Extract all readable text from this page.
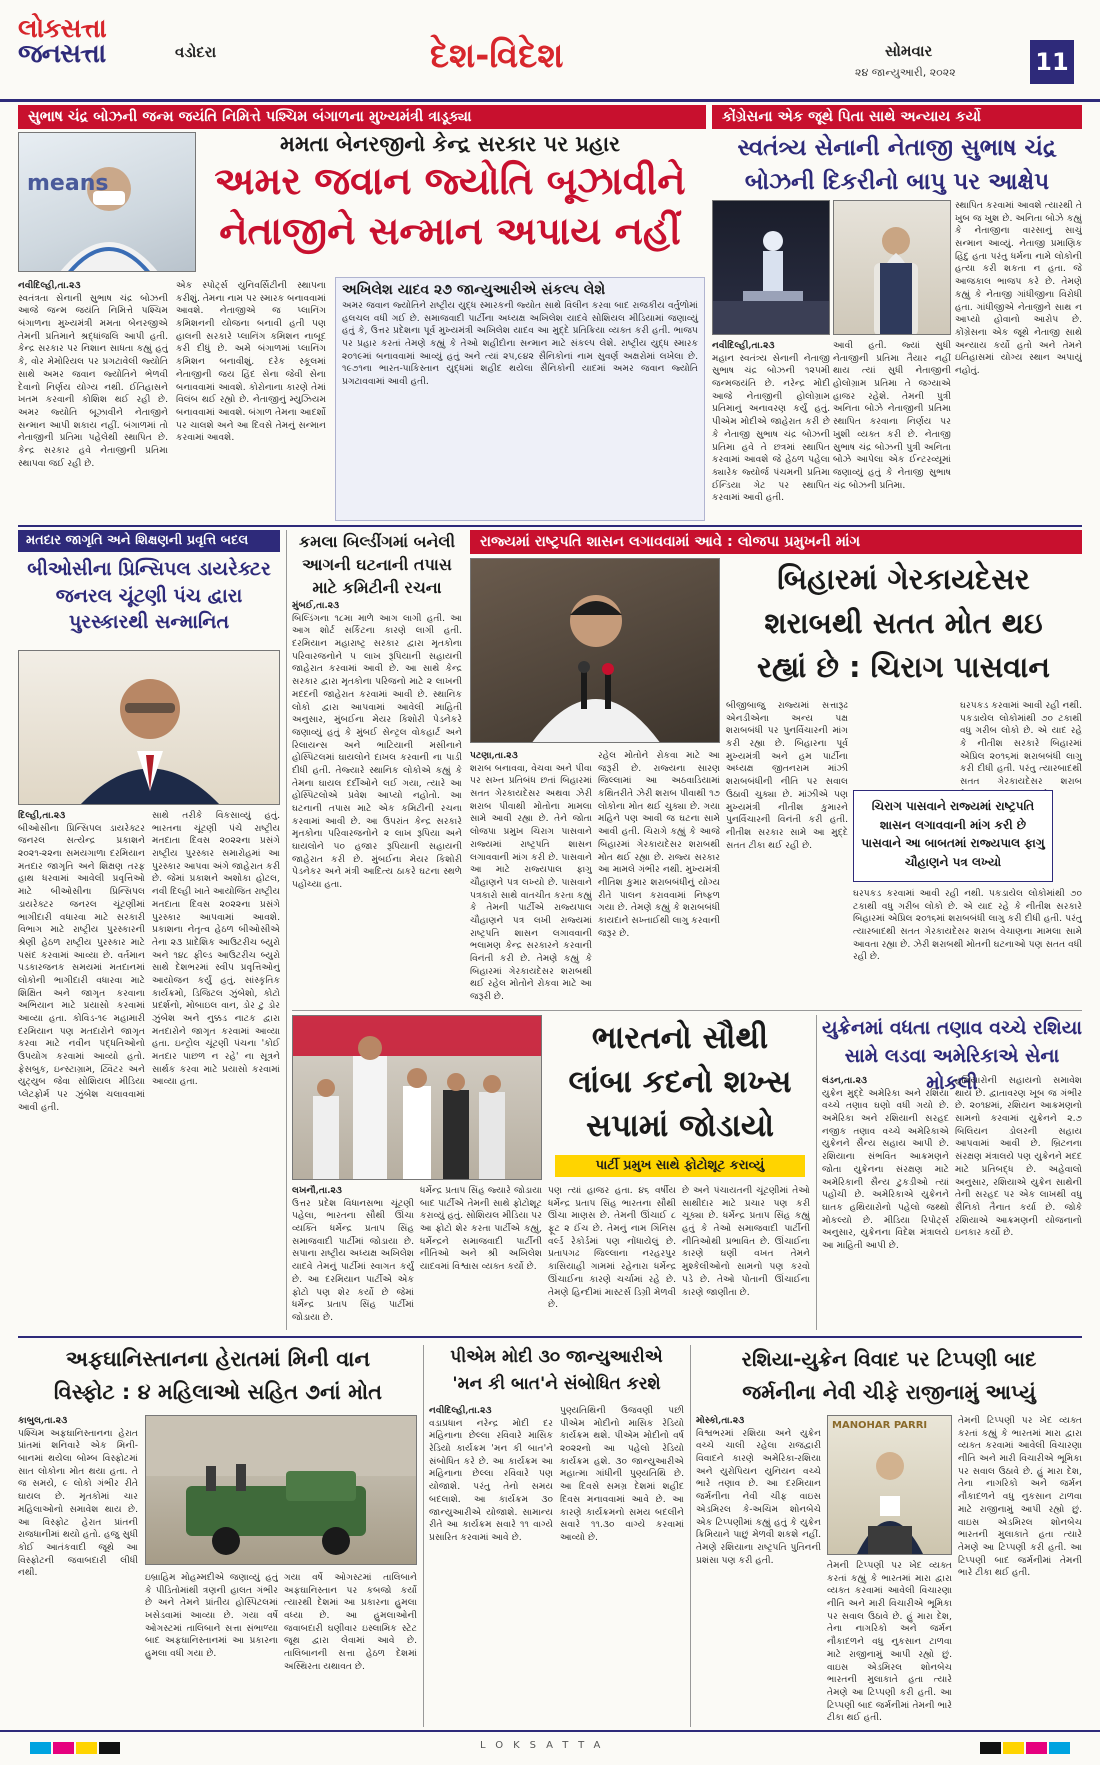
લોકસત્તા
જનસત્તા	વડોદરા	દેશ-વિદેશ	સોમવાર
૨૪ જાન્યુઆરી, ૨૦૨૨	11
સુભાષ ચંદ્ર બોઝની જન્મ જયંતિ નિમિત્તે પશ્ચિમ બંગાળના મુખ્યમંત્રી ત્રાડૂક્યા
means
મમતા બેનરજીનો કેન્દ્ર સરકાર પર પ્રહાર
અમર જવાન જ્યોતિ બૂઝાવીને
નેતાજીને સન્માન અપાય નહીં
નવીદિલ્હી,તા.૨૩

સ્વતંત્રતા સેનાની સુભાષ ચંદ્ર બોઝની આજે જન્મ જયંતિ નિમિત્તે પશ્ચિમ બંગાળના મુખ્યમંત્રી મમતા બેનરજીએ તેમની પ્રતિમાને શ્રદ્ધાંજલિ આપી હતી. કેન્દ્ર સરકાર પર નિશાન સાધતા કહ્યું હતું કે, વોર મેમોરિયલ પર પ્રગટાવેલી જ્યોતિ સાથે અમર જવાન જ્યોતિને ભેળવી દેવાનો નિર્ણય યોગ્ય નથી. ઈતિહાસને ખતમ કરવાની કોશિશ થઈ રહી છે. અમર જ્યોતિ બૂઝાવીને નેતાજીને સન્માન આપી શકાય નહીં. બંગાળમાં તો નેતાજીની પ્રતિમા પહેલેથી સ્થાપિત છે. કેન્દ્ર સરકાર હવે નેતાજીની પ્રતિમા સ્થાપવા જઈ રહી છે.

એક સ્પોર્ટ્સ યુનિવર્સિટીની સ્થાપના કરીશું. તેમના નામ પર સ્મારક બનાવવામાં આવશે. નેતાજીએ જ પ્લાનિંગ કમિશનની યોજના બનાવી હતી પણ હાલની સરકારે પ્લાનિંગ કમિશન નાબૂદ કરી દીધું છે. અમે બંગાળમાં પ્લાનિંગ કમિશન બનાવીશું. દરેક સ્કૂલમાં નેતાજીની જય હિંદ સેના જેવી સેના બનાવવામાં આવશે. કોરોનાના કારણે તેમાં વિલંબ થઈ રહ્યો છે. નેતાજીનું મ્યુઝિયમ બનાવવામાં આવશે. બંગાળ તેમના આદર્શો પર ચાલશે અને આ દિવસે તેમનું સન્માન કરવામાં આવશે.

અખિલેશ યાદવ ૨૭ જાન્યુઆરીએ સંકલ્પ લેશે
અમર જવાન જ્યોતિને રાષ્ટ્રીય યુદ્ધ સ્મારકની જ્યોત સાથે વિલીન કરવા બાદ રાજકીય વર્તુળોમાં હલચલ વધી ગઈ છે. સમાજવાદી પાર્ટીના અધ્યક્ષ અખિલેશ યાદવે સોશિયલ મીડિયામાં જણાવ્યું હતું કે, ઉત્તર પ્રદેશના પૂર્વ મુખ્યમંત્રી અખિલેશ યાદવ આ મુદ્દે પ્રતિક્રિયા વ્યક્ત કરી હતી. ભાજપ પર પ્રહાર કરતાં તેમણે કહ્યું કે તેઓ શહીદોના સન્માન માટે સંકલ્પ લેશે. રાષ્ટ્રીય યુદ્ધ સ્મારક ૨૦૧૯માં બનાવવામાં આવ્યું હતું અને ત્યાં ૨૫,૯૪૨ સૈનિકોનાં નામ સુવર્ણ અક્ષરોમાં લખેલા છે. ૧૯૭૧ના ભારત-પાકિસ્તાન યુદ્ધમાં શહીદ થયેલા સૈનિકોની યાદમાં અમર જવાન જ્યોતિ પ્રગટાવવામાં આવી હતી.
કોંગ્રેસના એક જૂથે પિતા સાથે અન્યાય કર્યો
સ્વતંત્ર્ય સેનાની નેતાજી સુભાષ ચંદ્ર
બોઝની દિકરીનો બાપુ પર આક્ષેપ

સ્થાપિત કરવામાં આવશે ત્યારથી તે ખુબ જ ખુશ છે. અનિતા બોઝે કહ્યું કે નેતાજીના વારસાનું સાચું સન્માન આવ્યું. નેતાજી પ્રમાણિક હિંદુ હતા પરંતુ ધર્મના નામે લોકોની હત્યા કરી શકતા ન હતા. જે આજકાલ ભાજપ કરે છે. તેમણે કહ્યું કે નેતાજી ગાંધીજીના વિરોધી હતા. ગાંધીજીએ નેતાજીને સાથ ન આપ્યો હોવાનો આરોપ છે. કોંગ્રેસના એક જૂથે નેતાજી સાથે અન્યાય કર્યો હતો અને તેમને ઇતિહાસમાં યોગ્ય સ્થાન અપાયું નહોતું.

નવીદિલ્હી,તા.૨૩

મહાન સ્વતંત્ર્ય સેનાની નેતાજી સુભાષ ચંદ્ર બોઝની ૧૨૫મી જન્મજયંતિ છે. નરેન્દ્ર મોદી આજે નેતાજીની હોલોગ્રામ પ્રતિમાનું અનાવરણ કર્યું હતું. પીએમ મોદીએ જાહેરાત કરી છે કે નેતાજી સુભાષ ચંદ્ર બોઝની પ્રતિમા હવે તે છત્રમાં સ્થાપિત કરવામાં આવશે જે હેઠળ પહેલા ક્યારેક જ્યોર્જ પંચમની પ્રતિમા ઈન્ડિયા ગેટ પર સ્થાપિત કરવામાં આવી હતી.

આવી હતી. જ્યાં સુધી નેતાજીની પ્રતિમા તૈયાર નહીં થાય ત્યાં સુધી નેતાજીની હોલોગ્રામ પ્રતિમા તે જગ્યાએ હાજર રહેશે. તેમની પુત્રી અનિતા બોઝે નેતાજીની પ્રતિમા સ્થાપિત કરવાના નિર્ણય પર ખુશી વ્યક્ત કરી છે. નેતાજી સુભાષ ચંદ્ર બોઝની પુત્રી અનિતા બોઝે આપેલા એક ઈન્ટરવ્યૂમાં જણાવ્યું હતું કે નેતાજી સુભાષ ચંદ્ર બોઝની પ્રતિમા.

મતદાર જાગૃતિ અને શિક્ષણની પ્રવૃત્તિ બદલ
બીઓસીના પ્રિન્સિપલ ડાયરેક્ટર જનરલ ચૂંટણી પંચ દ્વારા પુરસ્કારથી સન્માનિત
દિલ્હી,તા.૨૩

બીઓસીના પ્રિન્સિપલ ડાયરેક્ટર જનરલ સત્યેન્દ્ર પ્રકાશને ૨૦૨૧-૨૨ના સમયગાળા દરમિયાન મતદાર જાગૃતિ અને શિક્ષણ તરફ હાથ ધરવામાં આવેલી પ્રવૃત્તિઓ માટે બીઓસીના પ્રિન્સિપલ ડાયરેક્ટર જનરલ ચૂંટણીમાં ભાગીદારી વધારવા માટે સરકારી વિભાગ માટે રાષ્ટ્રીય પુરસ્કારની શ્રેણી હેઠળ રાષ્ટ્રીય પુરસ્કાર માટે પસંદ કરવામાં આવ્યા છે. વર્તમાન પડકારજનક સમયમાં મતદાનમાં લોકોની ભાગીદારી વધારવા માટે શિક્ષિત અને જાગૃત કરવાના અભિયાન માટે પ્રયાસો કરવામાં આવ્યા હતા. કોવિડ-૧૯ મહામારી દરમિયાન પણ મતદારોને જાગૃત કરવા માટે નવીન પદ્ધતિઓનો ઉપયોગ કરવામાં આવ્યો હતો. ફેસબુક, ઇન્સ્ટાગ્રામ, ટ્વિટર અને યુટ્યુબ જેવા સોશિયલ મીડિયા પ્લેટફોર્મ પર ઝુંબેશ ચલાવવામાં આવી હતી.

સાથે તરીકે વિકસાવ્યું હતું. ભારતના ચૂંટણી પંચે રાષ્ટ્રીય મતદાતા દિવસ ૨૦૨૨ના પ્રસંગે રાષ્ટ્રીય પુરસ્કાર સમારોહમાં આ પુરસ્કાર આપવા અંગે જાહેરાત કરી છે. જેમાં પ્રકાશને અશોકા હોટલ, નવી દિલ્હી ખાતે આયોજિત રાષ્ટ્રીય મતદાતા દિવસ ૨૦૨૨ના પ્રસંગે પુરસ્કાર આપવામાં આવશે. પ્રકાશના નેતૃત્વ હેઠળ બીઓસીએ તેના ૨૩ પ્રાદેશિક આઉટરીચ બ્યુરો અને ૧૪૮ ફીલ્ડ આઉટરીચ બ્યુરો સાથે દેશભરમાં સ્વીપ પ્રવૃત્તિઓનું આયોજન કર્યું હતું. સાંસ્કૃતિક કાર્યક્રમો, ડિજિટલ ઝુંબેશો, કોટો પ્રદર્શનો, મોબાઇલ વાન, ડોર ટુ ડોર ઝુંબેશ અને નુક્કડ નાટક દ્વારા મતદારોને જાગૃત કરવામાં આવ્યા હતા. ઇન્ટ્રોલ ચૂંટણી પંચના 'કોઈ મતદાર પાછળ ન રહે' ના સૂત્રને સાર્થક કરવા માટે પ્રયાસો કરવામાં આવ્યા હતા.

કમલા બિલ્ડીંગમાં બનેલી આગની ઘટનાની તપાસ માટે કમિટીની રચના
મુંબઈ,તા.૨૩

બિલ્ડિંગના ૧૮મા માળે આગ લાગી હતી. આ આગ શોર્ટ સર્કિટના કારણે લાગી હતી. દરમિયાન મહારાષ્ટ્ર સરકાર દ્વારા મૃતકોના પરિવારજનોને ૫ લાખ રૂપિયાની સહાયની જાહેરાત કરવામાં આવી છે. આ સાથે કેન્દ્ર સરકાર દ્વારા મૃતકોના પરિજનો માટે ૨ લાખની મદદની જાહેરાત કરવામાં આવી છે. સ્થાનિક લોકો દ્વારા આપવામાં આવેલી માહિતી અનુસાર, મુંબઈના મેયર કિશોરી પેડનેકરે જણાવ્યું હતું કે મુંબઈ સેન્ટ્રલ વોકહાર્ટ અને રિલાયન્સ અને ભાટિયાની મસીનાને હોસ્પિટલમાં ઘાયલોને દાખલ કરવાની ના પાડી દીધી હતી. તેજ્યારે સ્થાનિક લોકોએ કહ્યું કે તેમના ઘાયલ દર્દીઓને લઈ ગયા, ત્યારે આ હોસ્પિટલોએ પ્રવેશ આપ્યો નહોતો. આ ઘટનાની તપાસ માટે એક કમિટીની રચના કરવામાં આવી છે. આ ઉપરાંત કેન્દ્ર સરકારે મૃતકોના પરિવારજનોને ૨ લાખ રૂપિયા અને ઘાયલોને ૫૦ હજાર રૂપિયાની સહાયની જાહેરાત કરી છે. મુંબઈના મેયર કિશોરી પેડનેકર અને મંત્રી આદિત્ય ઠાકરે ઘટના સ્થળે પહોંચ્યા હતા.

રાજ્યમાં રાષ્ટ્રપતિ શાસન લગાવવામાં આવે : લોજપા પ્રમુખની માંગ
બિહારમાં ગેરકાયદેસર
શરાબથી સતત મોત થઇ
રહ્યાં છે : ચિરાગ પાસવાન
પટણા,તા.૨૩

શરાબ બનાવવા, વેચવા અને પીવા પર સખ્ત પ્રતિબંધ છતાં બિહારમાં સતત ગેરકાયદેસર અથવા ઝેરી શરાબ પીવાથી મોતોના મામલા સામે આવી રહ્યા છે. તેને જોતા લોજપા પ્રમુખ ચિરાગ પાસવાને રાજ્યમાં રાષ્ટ્રપતિ શાસન લગાવવાની માંગ કરી છે. પાસવાને આ માટે રાજ્યપાલ ફાગુ ચૌહાણને પત્ર લખ્યો છે. પાસવાને પત્રકારો સાથે વાતચીત કરતા કહ્યું કે તેમની પાર્ટીએ રાજ્યપાલ ચૌહાણને પત્ર લખી રાજ્યમાં રાષ્ટ્રપતિ શાસન લગાવવાની ભલામણ કેન્દ્ર સરકારને કરવાની વિનંતી કરી છે. તેમણે કહ્યું કે બિહારમાં ગેરકાયદેસર શરાબથી થઈ રહેલ મોતોને રોકવા માટે આ જરૂરી છે.

રહેલ મોતોને રોકવા માટે આ જરૂરી છે. રાજ્યના સારણ જિલ્લામાં આ અઠવાડિયામાં કથિતરીતે ઝેરી શરાબ પીવાથી ૧૭ લોકોના મોત થઈ ચુક્યા છે. ગયા મહિને પણ આવી જ ઘટના સામે આવી હતી. ચિરાગે કહ્યું કે આજે બિહારમાં ગેરકાયદેસર શરાબથી મોત થઈ રહ્યા છે. રાજ્ય સરકાર આ મામલે ગંભીર નથી. મુખ્યમંત્રી નીતિશ કુમાર શરાબબંધીનું યોગ્ય રીતે પાલન કરાવવામાં નિષ્ફળ ગયા છે. તેમણે કહ્યું કે શરાબબંધી કાયદાને સખ્તાઈથી લાગુ કરવાની જરૂર છે.

બીજીબાજુ રાજ્યમાં સત્તારૂઢ એનડીએના અન્ય પક્ષ શરાબબંધી પર પુનર્વિચારની માંગ કરી રહ્યા છે. બિહારના પૂર્વ મુખ્યમંત્રી અને હમ પાર્ટીના અધ્યક્ષ જીતનરામ માંઝી શરાબબંધીની નીતિ પર સવાલ ઉઠાવી ચુક્યા છે. માંઝીએ પણ મુખ્યમંત્રી નીતીશ કુમારને પુનર્વિચારની વિનંતી કરી હતી. નીતીશ સરકાર સામે આ મુદ્દે સતત ટીકા થઈ રહી છે.

ઘરપકડ કરવામાં આવી રહી નથી. પકડાયેલ લોકોમાંથી ૭૦ ટકાથી વધુ ગરીબ લોકો છે. એ યાદ રહે કે નીતીશ સરકારે બિહારમાં એપ્રિલ ૨૦૧૬માં શરાબબંધી લાગુ કરી દીધી હતી. પરંતુ ત્યારબાદથી સતત ગેરકાયદેસર શરાબ

ચિરાગ પાસવાને રાજ્યમાં રાષ્ટ્રપતિ શાસન લગાવવાની માંગ કરી છે પાસવાને આ બાબતમાં રાજ્યપાલ ફાગુ ચૌહાણને પત્ર લખ્યો

ઘરપકડ કરવામાં આવી રહી નથી. પકડાયેલ લોકોમાંથી ૭૦ ટકાથી વધુ ગરીબ લોકો છે. એ યાદ રહે કે નીતીશ સરકારે બિહારમાં એપ્રિલ ૨૦૧૬માં શરાબબંધી લાગુ કરી દીધી હતી. પરંતુ ત્યારબાદથી સતત ગેરકાયદેસર શરાબ વેચાણના મામલા સામે આવતા રહ્યા છે. ઝેરી શરાબથી મોતની ઘટનાઓ પણ સતત વધી રહી છે.

ભારતનો સૌથી
લાંબા કદનો શખ્સ
સપામાં જોડાયો
પાર્ટી પ્રમુખ સાથે ફોટોશૂટ કરાવ્યું
લખનૌ,તા.૨૩

ઉત્તર પ્રદેશ વિધાનસભા ચૂંટણી પહેલા, ભારતના સૌથી ઊંચા વ્યક્તિ ધર્મેન્દ્ર પ્રતાપ સિંહ સમાજવાદી પાર્ટીમાં જોડાયા છે. સપાના રાષ્ટ્રીય અધ્યક્ષ અખિલેશ યાદવે તેમનું પાર્ટીમાં સ્વાગત કર્યું છે. આ દરમિયાન પાર્ટીએ એક ફોટો પણ શેર કર્યો છે જેમાં ધર્મેન્દ્ર પ્રતાપ સિંહ પાર્ટીમાં જોડાયા છે.

ધર્મેન્દ્ર પ્રતાપ સિંહ જ્યારે જોડાયા બાદ પાર્ટીએ તેમની સાથે ફોટોશૂટ કરાવ્યું હતું. સોશિયલ મીડિયા પર આ ફોટો શેર કરતા પાર્ટીએ કહ્યું, ધર્મેન્દ્રને સમાજવાદી પાર્ટીની નીતિઓ અને શ્રી અખિલેશ યાદવમાં વિશ્વાસ વ્યક્ત કર્યો છે.

પણ ત્યાં હાજર હતા. ૪૬ વર્ષીય ધર્મેન્દ્ર પ્રતાપ સિંહ ભારતના સૌથી ઊંચા માણસ છે. તેમની ઊંચાઈ ૮ ફૂટ ૨ ઈંચ છે. તેમનું નામ ગિનિસ વર્લ્ડ રેકોર્ડમાં પણ નોંધાયેલું છે. પ્રતાપગઢ જિલ્લાના નરહરપુર કાસિયાહી ગામમાં રહેનારા ધર્મેન્દ્ર ઊંચાઈના કારણે ચર્ચામાં રહે છે. તેમણે હિન્દીમાં માસ્ટર્સ ડિગ્રી મેળવી છે.

છે અને પંચાયતની ચૂંટણીમાં તેઓ સાથીદાર માટે પ્રચાર પણ કરી ચૂક્યા છે. ધર્મેન્દ્ર પ્રતાપ સિંહ કહ્યું હતું કે તેઓ સમાજવાદી પાર્ટીની નીતિઓથી પ્રભાવિત છે. ઊંચાઈના કારણે ઘણી વખત તેમને મુશ્કેલીઓનો સામનો પણ કરવો પડે છે. તેઓ પોતાની ઊંચાઈના કારણે જાણીતા છે.

યુક્રેનમાં વધતા તણાવ વચ્ચે રશિયા
સામે લડવા અમેરિકાએ સેના મોકલી
લંડન,તા.૨૩

યુક્રેન મુદ્દે અમેરિકા અને રશિયા વચ્ચે તણાવ ઘણો વધી ગયો છે. અમેરિકા અને રશિયાની સરહદ નજીક તણાવ વચ્ચે અમેરિકાએ યુક્રેનને સૈન્ય સહાય આપી છે. રશિયાના સંભવિત આક્રમણને જોતા યુક્રેનના સંરક્ષણ માટે અમેરિકાની સૈન્ય ટુકડીઓ ત્યાં પહોંચી છે. અમેરિકાએ યુક્રેનને ઘાતક હથિયારોનો પહેલો જથ્થો મોકલ્યો છે. મીડિયા રિપોર્ટ્સ અનુસાર, યુક્રેનના વિદેશ મંત્રાલયે આ માહિતી આપી છે.

હથિયારોની સહાયનો સમાવેશ થાય છે. દ્વાતાવરણ ખૂબ જ ગંભીર છે. ૨૦૧૪માં, રશિયન આક્રમણનો સામનો કરવામાં યુક્રેનને ૨.૭ બિલિયન ડોલરની સહાય આપવામાં આવી છે. બ્રિટનના સંરક્ષણ મંત્રાલયે પણ યુક્રેનને મદદ માટે પ્રતિબદ્ધ છે. અહેવાલો અનુસાર, રશિયાએ યુક્રેન સાથેની તેની સરહદ પર એક લાખથી વધુ સૈનિકો તૈનાત કર્યા છે. જોકે રશિયાએ આક્રમણની યોજનાનો ઇનકાર કર્યો છે.

અફઘાનિસ્તાનના હેરાતમાં મિની વાન
વિસ્ફોટ : ૪ મહિલાઓ સહિત ૭નાં મોત
કાબુલ,તા.૨૩

પશ્ચિમ અફઘાનિસ્તાનના હેરાત પ્રાંતમાં શનિવારે એક મિની-બાનમાં થયેલા બોમ્બ વિસ્ફોટમાં સાત લોકોના મોત થયા હતા. તે જ સમયે, ૯ લોકો ગંભીર રીતે ઘાયલ છે. મૃતકોમાં ચાર મહિલાઓનો સમાવેશ થાય છે. આ વિસ્ફોટ હેરાત પ્રાંતની રાજધાનીમાં થયો હતો. હજુ સુધી કોઈ આતંકવાદી જૂથે આ વિસ્ફોટની જવાબદારી લીધી નથી.	ઇબ્રાહિમ મોહમ્મદીએ જણાવ્યું હતું કે પીડિતોમાંથી ત્રણની હાલત ગંભીર છે અને તેમને પ્રાંતીય હોસ્પિટલમાં ખસેડવામાં આવ્યા છે. ગયા વર્ષે ઓગસ્ટમાં તાલિબાને સત્તા સંભાળ્યા બાદ અફઘાનિસ્તાનમાં આ પ્રકારના હુમલા વધી ગયા છે.

ગયા વર્ષે ઓગસ્ટમાં તાલિબાને અફઘાનિસ્તાન પર કબજો કર્યો ત્યારથી દેશમાં આ પ્રકારના હુમલા વધ્યા છે. આ હુમલાઓની જવાબદારી ઘણીવાર ઇસ્લામિક સ્ટેટ જૂથ દ્વારા લેવામાં આવે છે. તાલિબાનની સત્તા હેઠળ દેશમાં અસ્થિરતા યથાવત છે.

પીએમ મોદી ૩૦ જાન્યુઆરીએ
'મન કી બાત'ને સંબોધિત કરશે
નવીદિલ્હી,તા.૨૩

વડાપ્રધાન નરેન્દ્ર મોદી દર મહિનાના છેલ્લા રવિવારે માસિક રેડિયો કાર્યક્રમ 'મન કી બાત'ને સંબોધિત કરે છે. આ કાર્યક્રમ આ મહિનાના છેલ્લા રવિવારે પણ યોજાશે. પરંતુ તેનો સમય બદલાશે. આ કાર્યક્રમ ૩૦ જાન્યુઆરીએ યોજાશે. સામાન્ય રીતે આ કાર્યક્રમ સવારે ૧૧ વાગ્યે પ્રસારિત કરવામાં આવે છે.

પુણ્યતિથિની ઉજવણી પછી પીએમ મોદીનો માસિક રેડિયો કાર્યક્રમ થશે. પીએમ મોદીનો વર્ષ ૨૦૨૨નો આ પહેલો રેડિયો કાર્યક્રમ હશે. ૩૦ જાન્યુઆરીએ મહાત્મા ગાંધીની પુણ્યતિથિ છે. આ દિવસે સમગ્ર દેશમાં શહીદ દિવસ મનાવવામાં આવે છે. આ કારણે કાર્યક્રમનો સમય બદલીને સવારે ૧૧.૩૦ વાગ્યે કરવામાં આવ્યો છે.

રશિયા-યુક્રેન વિવાદ પર ટિપ્પણી બાદ
જર્મનીના નેવી ચીફે રાજીનામું આપ્યું
મોસ્કો,તા.૨૩

વિશ્વભરમાં રશિયા અને યુક્રેન વચ્ચે ચાલી રહેલા રાજદ્વારી વિવાદને કારણે અમેરિકા-રશિયા અને યુરોપિયન યુનિયન વચ્ચે ભારે તણાવ છે. આ દરમિયાન જર્મનીના નેવી ચીફ વાઇસ એડમિરલ કે-અચિમ શોનબેચે એક ટિપ્પણીમાં કહ્યું હતું કે યુક્રેન ક્રિમિયાને પાછું મેળવી શકશે નહીં. તેમણે રશિયાના રાષ્ટ્રપતિ પુતિનની પ્રશંસા પણ કરી હતી.

MANOHAR PARRI

તેમની ટિપ્પણી પર ખેદ વ્યક્ત કરતાં કહ્યું કે ભારતમાં મારા દ્વારા વ્યક્ત કરવામાં આવેલી વિચારણા નીતિ અને મારી વિચારીએ ભૂમિકા પર સવાલ ઉઠાવે છે. હું મારા દેશ, તેના નાગરિકો અને જર્મન નૌકાદળને વધુ નુકસાન ટાળવા માટે રાજીનામું આપી રહ્યો છું. વાઇસ એડમિરલ શોનબેચ ભારતની મુલાકાતે હતા ત્યારે તેમણે આ ટિપ્પણી કરી હતી. આ ટિપ્પણી બાદ જર્મનીમાં તેમની ભારે ટીકા થઈ હતી.

તેમની ટિપ્પણી પર ખેદ વ્યક્ત કરતાં કહ્યું કે ભારતમાં મારા દ્વારા વ્યક્ત કરવામાં આવેલી વિચારણા નીતિ અને મારી વિચારીએ ભૂમિકા પર સવાલ ઉઠાવે છે. હું મારા દેશ, તેના નાગરિકો અને જર્મન નૌકાદળને વધુ નુકસાન ટાળવા માટે રાજીનામું આપી રહ્યો છું. વાઇસ એડમિરલ શોનબેચ ભારતની મુલાકાતે હતા ત્યારે તેમણે આ ટિપ્પણી કરી હતી. આ ટિપ્પણી બાદ જર્મનીમાં તેમની ભારે ટીકા થઈ હતી.

LOKSATTA
